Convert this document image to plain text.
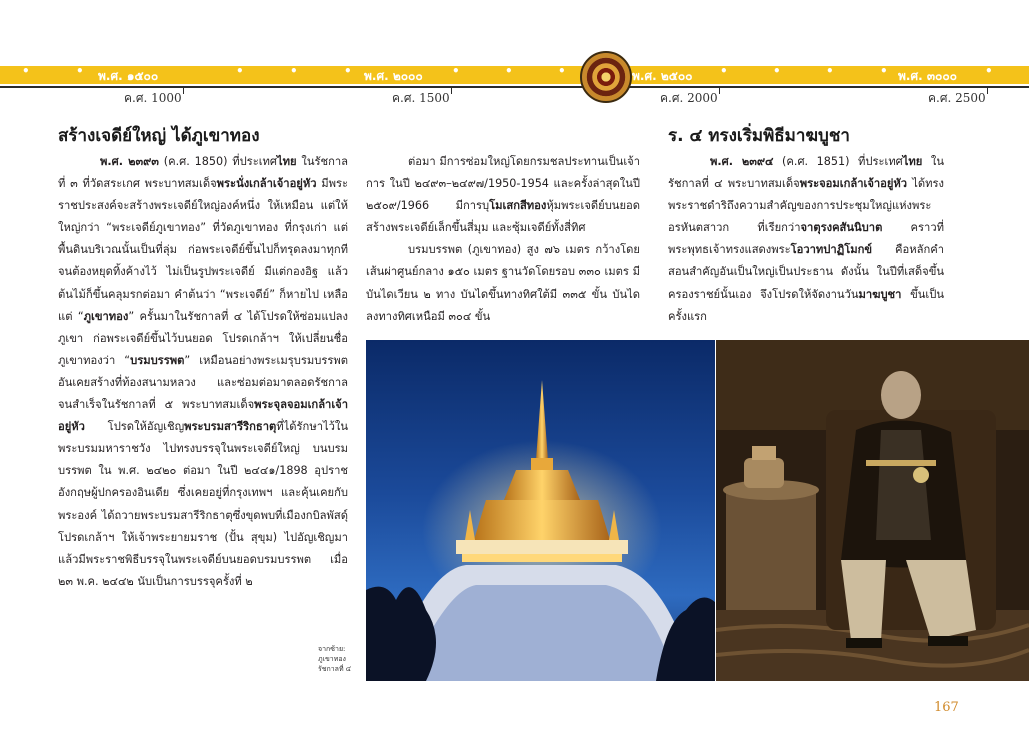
•	•	•	•	•	•	•	•	•	•	•	•	•
พ.ศ. ๑๕๐๐	พ.ศ. ๒๐๐๐	พ.ศ. ๒๕๐๐	พ.ศ. ๓๐๐๐
ค.ศ. 1000	ค.ศ. 1500	ค.ศ. 2000	ค.ศ. 2500
สร้างเจดีย์ใหญ่ ได้ภูเขาทอง	ร. ๔ ทรงเริ่มพิธีมาฆบูชา

พ.ศ. ๒๓๙๓ (ค.ศ. 1850) ที่ประเทศไทย ในรัชกาลที่ ๓ ที่วัดสระเกศ พระบาทสมเด็จพระนั่งเกล้าเจ้าอยู่หัว มีพระราชประสงค์จะสร้างพระเจดีย์ใหญ่องค์หนึ่ง ให้เหมือน แต่ให้ใหญ่กว่า “พระเจดีย์ภูเขาทอง” ที่วัดภูเขาทอง ที่กรุงเก่า แต่พื้นดินบริเวณนั้นเป็นที่ลุ่ม ก่อพระเจดีย์ขึ้นไปก็ทรุดลงมาทุกที จนต้องหยุดทิ้งค้างไว้ ไม่เป็นรูปพระเจดีย์ มีแต่กองอิฐ แล้วต้นไม้ก็ขึ้นคลุมรกต่อมา คำต้นว่า “พระเจดีย์” ก็หายไป เหลือแต่ “ภูเขาทอง” ครั้นมาในรัชกาลที่ ๔ ได้โปรดให้ซ่อมแปลงภูเขา ก่อพระเจดีย์ขึ้นไว้บนยอด โปรดเกล้าฯ ให้เปลี่ยนชื่อภูเขาทองว่า “บรมบรรพต” เหมือนอย่างพระเมรุบรมบรรพตอันเคยสร้างที่ท้องสนามหลวง และซ่อมต่อมาตลอดรัชกาล จนสำเร็จในรัชกาลที่ ๕ พระบาทสมเด็จพระจุลจอมเกล้าเจ้าอยู่หัว โปรดให้อัญเชิญพระบรมสารีริกธาตุที่ได้รักษาไว้ในพระบรมมหาราชวัง ไปทรงบรรจุในพระเจดีย์ใหญ่ บนบรมบรรพต ใน พ.ศ. ๒๔๒๐ ต่อมา ในปี ๒๔๔๑/1898 อุปราชอังกฤษผู้ปกครองอินเดีย ซึ่งเคยอยู่ที่กรุงเทพฯ และคุ้นเคยกับพระองค์ ได้ถวายพระบรมสารีริกธาตุซึ่งขุดพบที่เมืองกบิลพัสดุ์ โปรดเกล้าฯ ให้เจ้าพระยายมราช (ปั้น สุขุม) ไปอัญเชิญมา แล้วมีพระราชพิธีบรรจุในพระเจดีย์บนยอดบรมบรรพต เมื่อ ๒๓ พ.ค. ๒๔๔๒ นับเป็นการบรรจุครั้งที่ ๒

ต่อมา มีการซ่อมใหญ่โดยกรมชลประทานเป็นเจ้าการ ในปี ๒๔๙๓–๒๔๙๗/1950-1954 และครั้งล่าสุดในปี ๒๕๐๙/1966 มีการบุโมเสกสีทองหุ้มพระเจดีย์บนยอด สร้างพระเจดีย์เล็กขึ้นสี่มุม และซุ้มเจดีย์ทั้งสี่ทิศ

บรมบรรพต (ภูเขาทอง) สูง ๗๖ เมตร กว้างโดยเส้นผ่าศูนย์กลาง ๑๕๐ เมตร ฐานวัดโดยรอบ ๓๓๐ เมตร มีบันไดเวียน ๒ ทาง บันไดขึ้นทางทิศใต้มี ๓๓๕ ขั้น บันไดลงทางทิศเหนือมี ๓๐๔ ขั้น

พ.ศ. ๒๓๙๔ (ค.ศ. 1851) ที่ประเทศไทย ในรัชกาลที่ ๔ พระบาทสมเด็จพระจอมเกล้าเจ้าอยู่หัว ได้ทรงพระราชดำริถึงความสำคัญของการประชุมใหญ่แห่งพระอรหันตสาวก ที่เรียกว่าจาตุรงคสันนิบาต คราวที่พระพุทธเจ้าทรงแสดงพระโอวาทปาฏิโมกข์ คือหลักคำสอนสำคัญอันเป็นใหญ่เป็นประธาน ดังนั้น ในปีที่เสด็จขึ้นครองราชย์นั้นเอง จึงโปรดให้จัดงานวันมาฆบูชา ขึ้นเป็นครั้งแรก

จากซ้าย:
ภูเขาทอง
รัชกาลที่ ๔
167
